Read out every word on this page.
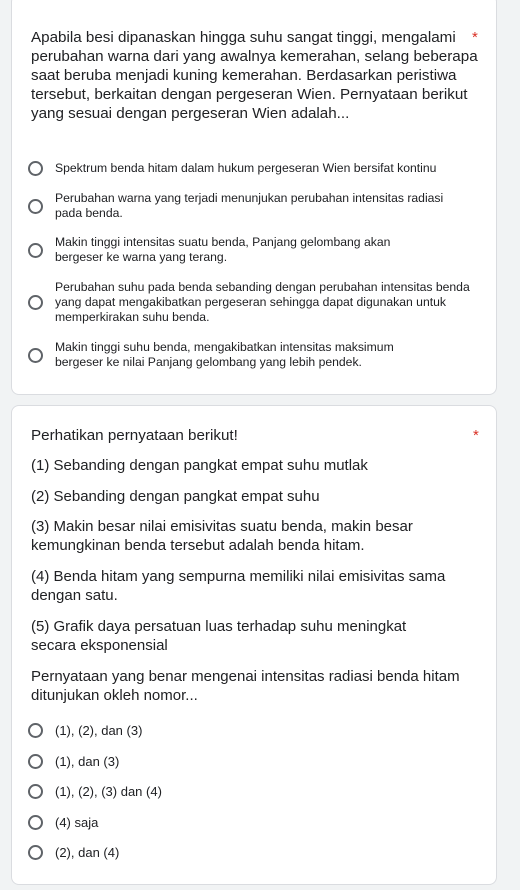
Apabila besi dipanaskan hingga suhu sangat tinggi, mengalami perubahan warna dari yang awalnya kemerahan, selang beberapa saat beruba menjadi kuning kemerahan. Berdasarkan peristiwa tersebut, berkaitan dengan pergeseran Wien. Pernyataan berikut yang sesuai dengan pergeseran Wien adalah...

*
Spektrum benda hitam dalam hukum pergeseran Wien bersifat kontinu
Perubahan warna yang terjadi menunjukan perubahan intensitas radiasi pada benda.
Makin tinggi intensitas suatu benda, Panjang gelombang akan bergeser ke warna yang terang.
Perubahan suhu pada benda sebanding dengan perubahan intensitas benda yang dapat mengakibatkan pergeseran sehingga dapat digunakan untuk memperkirakan suhu benda.
Makin tinggi suhu benda, mengakibatkan intensitas maksimum bergeser ke nilai Panjang gelombang yang lebih pendek.

Perhatikan pernyataan berikut!	*

(1) Sebanding dengan pangkat empat suhu mutlak

(2) Sebanding dengan pangkat empat suhu

(3) Makin besar nilai emisivitas suatu benda, makin besar kemungkinan benda tersebut adalah benda hitam.

(4) Benda hitam yang sempurna memiliki nilai emisivitas sama dengan satu.

(5) Grafik daya persatuan luas terhadap suhu meningkat secara eksponensial

Pernyataan yang benar mengenai intensitas radiasi benda hitam ditunjukan okleh nomor...

(1), (2), dan (3)
(1), dan (3)
(1), (2), (3) dan (4)
(4) saja
(2), dan (4)
